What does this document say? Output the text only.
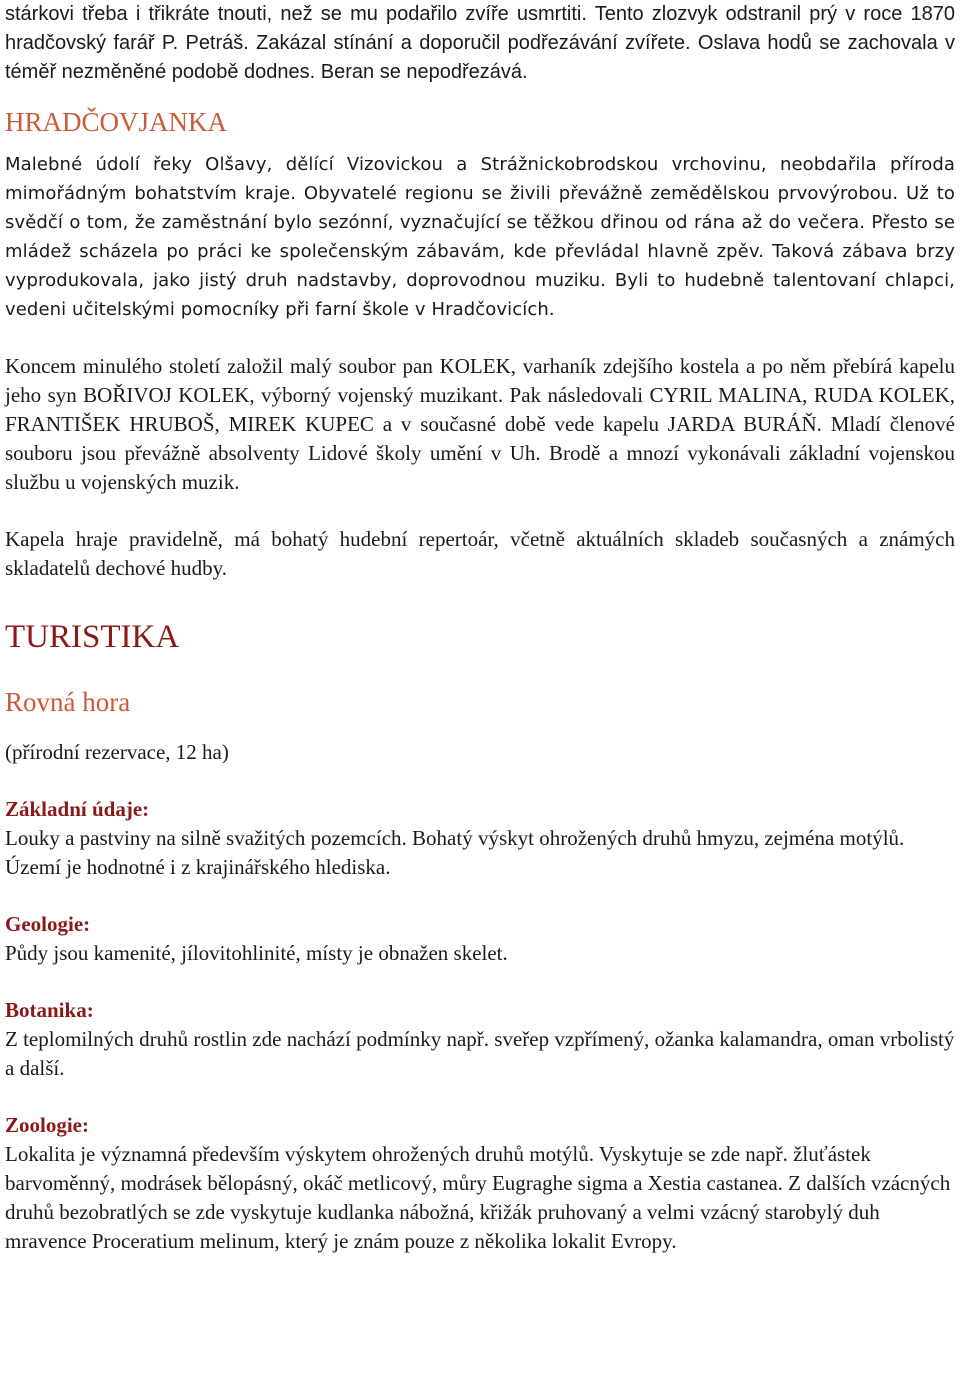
stárkovi třeba i třikráte tnouti, než se mu podařilo zvíře usmrtiti. Tento zlozvyk odstranil prý v roce 1870 hradčovský farář P. Petráš. Zakázal stínání a doporučil podřezávání zvířete. Oslava hodů se zachovala v téměř nezměněné podobě dodnes. Beran se nepodřezává.

HRADČOVJANKA

Malebné údolí řeky Olšavy, dělící Vizovickou a Strážnickobrodskou vrchovinu, neobdařila příroda mimořádným bohatstvím kraje. Obyvatelé regionu se živili převážně zemědělskou prvovýrobou. Už to svědčí o tom, že zaměstnání bylo sezónní, vyznačující se těžkou dřinou od rána až do večera. Přesto se mládež scházela po práci ke společenským zábavám, kde převládal hlavně zpěv. Taková zábava brzy vyprodukovala, jako jistý druh nadstavby, doprovodnou muziku. Byli to hudebně talentovaní chlapci, vedeni učitelskými pomocníky při farní škole v Hradčovicích.

Koncem minulého století založil malý soubor pan KOLEK, varhaník zdejšího kostela a po něm přebírá kapelu jeho syn BOŘIVOJ KOLEK, výborný vojenský muzikant. Pak následovali CYRIL MALINA, RUDA KOLEK, FRANTIŠEK HRUBOŠ, MIREK KUPEC a v současné době vede kapelu JARDA BURÁŇ. Mladí členové souboru jsou převážně absolventy Lidové školy umění v Uh. Brodě a mnozí vykonávali základní vojenskou službu u vojenských muzik.

Kapela hraje pravidelně, má bohatý hudební repertoár, včetně aktuálních skladeb současných a známých skladatelů dechové hudby.

TURISTIKA
Rovná hora

(přírodní rezervace, 12 ha)

Základní údaje:

Louky a pastviny na silně svažitých pozemcích. Bohatý výskyt ohrožených druhů hmyzu, zejména motýlů. Území je hodnotné i z krajinářského hlediska.

Geologie:

Půdy jsou kamenité, jílovitohlinité, místy je obnažen skelet.

Botanika:

Z teplomilných druhů rostlin zde nachází podmínky např. sveřep vzpřímený, ožanka kalamandra, oman vrbolistý a další.

Zoologie:

Lokalita je významná především výskytem ohrožených druhů motýlů. Vyskytuje se zde např. žluťástek barvoměnný, modrásek bělopásný, okáč metlicový, můry Eugraghe sigma a Xestia castanea. Z dalších vzácných druhů bezobratlých se zde vyskytuje kudlanka nábožná, křižák pruhovaný a velmi vzácný starobylý duh mravence Proceratium melinum, který je znám pouze z několika lokalit Evropy.
